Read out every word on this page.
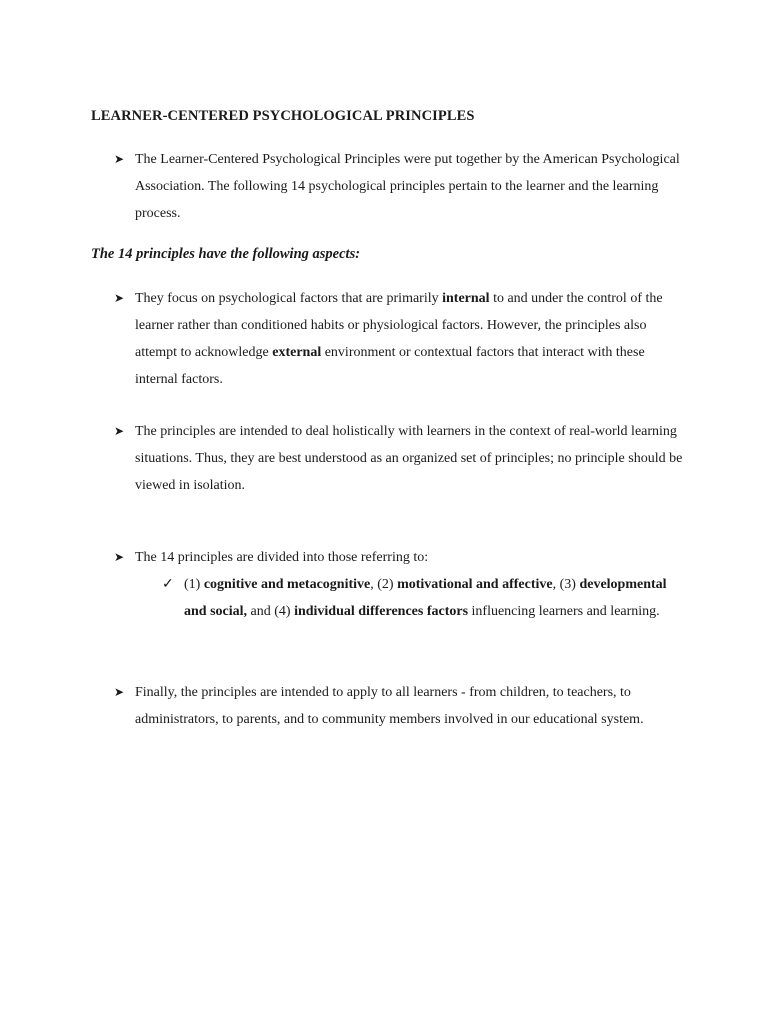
LEARNER-CENTERED PSYCHOLOGICAL PRINCIPLES
➤ The Learner-Centered Psychological Principles were put together by the American Psychological Association. The following 14 psychological principles pertain to the learner and the learning process.
The 14 principles have the following aspects:
➤ They focus on psychological factors that are primarily internal to and under the control of the learner rather than conditioned habits or physiological factors. However, the principles also attempt to acknowledge external environment or contextual factors that interact with these internal factors.
➤ The principles are intended to deal holistically with learners in the context of real-world learning situations. Thus, they are best understood as an organized set of principles; no principle should be viewed in isolation.
➤ The 14 principles are divided into those referring to:
✓ (1) cognitive and metacognitive, (2) motivational and affective, (3) developmental and social, and (4) individual differences factors influencing learners and learning.
➤ Finally, the principles are intended to apply to all learners - from children, to teachers, to administrators, to parents, and to community members involved in our educational system.
